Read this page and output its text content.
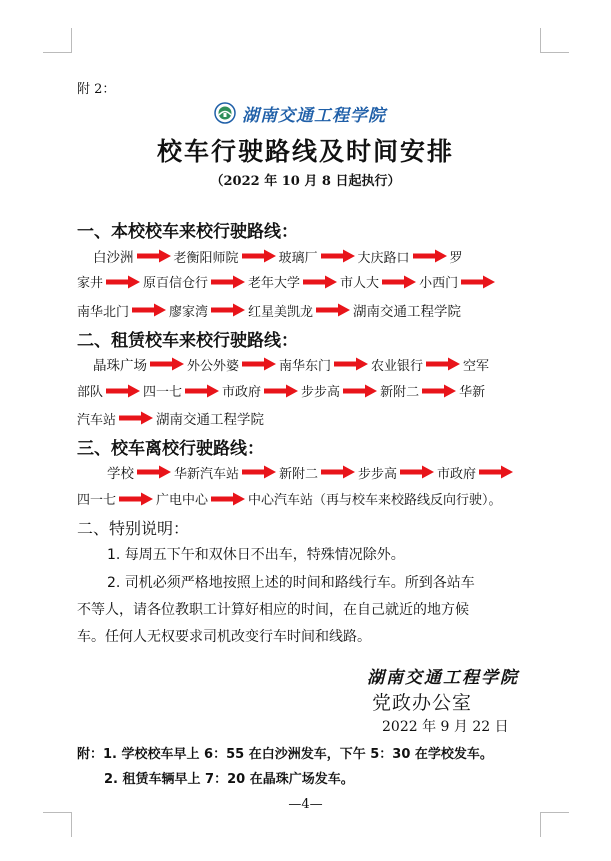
附 2：
湖南交通工程学院
校车行驶路线及时间安排
（2022 年 10 月 8 日起执行）
一、本校校车来校行驶路线：
白沙洲	老衡阳师院	玻璃厂	大庆路口	罗
家井	原百信仓行	老年大学	市人大	小西门
南华北门	廖家湾	红星美凯龙	湖南交通工程学院
二、租赁校车来校行驶路线：
晶珠广场	外公外婆	南华东门	农业银行	空军
部队	四一七	市政府	步步高	新附二	华新
汽车站	湖南交通工程学院
三、校车离校行驶路线：
学校	华新汽车站	新附二	步步高	市政府
四一七	广电中心	中心汽车站（再与校车来校路线反向行驶）。
二、特别说明：
1. 每周五下午和双休日不出车，特殊情况除外。
2. 司机必须严格地按照上述的时间和路线行车。所到各站车
不等人，请各位教职工计算好相应的时间，在自己就近的地方候
车。任何人无权要求司机改变行车时间和线路。
湖南交通工程学院
党政办公室
2022 年 9 月 22 日
附：1. 学校校车早上 6：55 在白沙洲发车，下午 5：30 在学校发车。
2. 租赁车辆早上 7：20 在晶珠广场发车。
—4—
